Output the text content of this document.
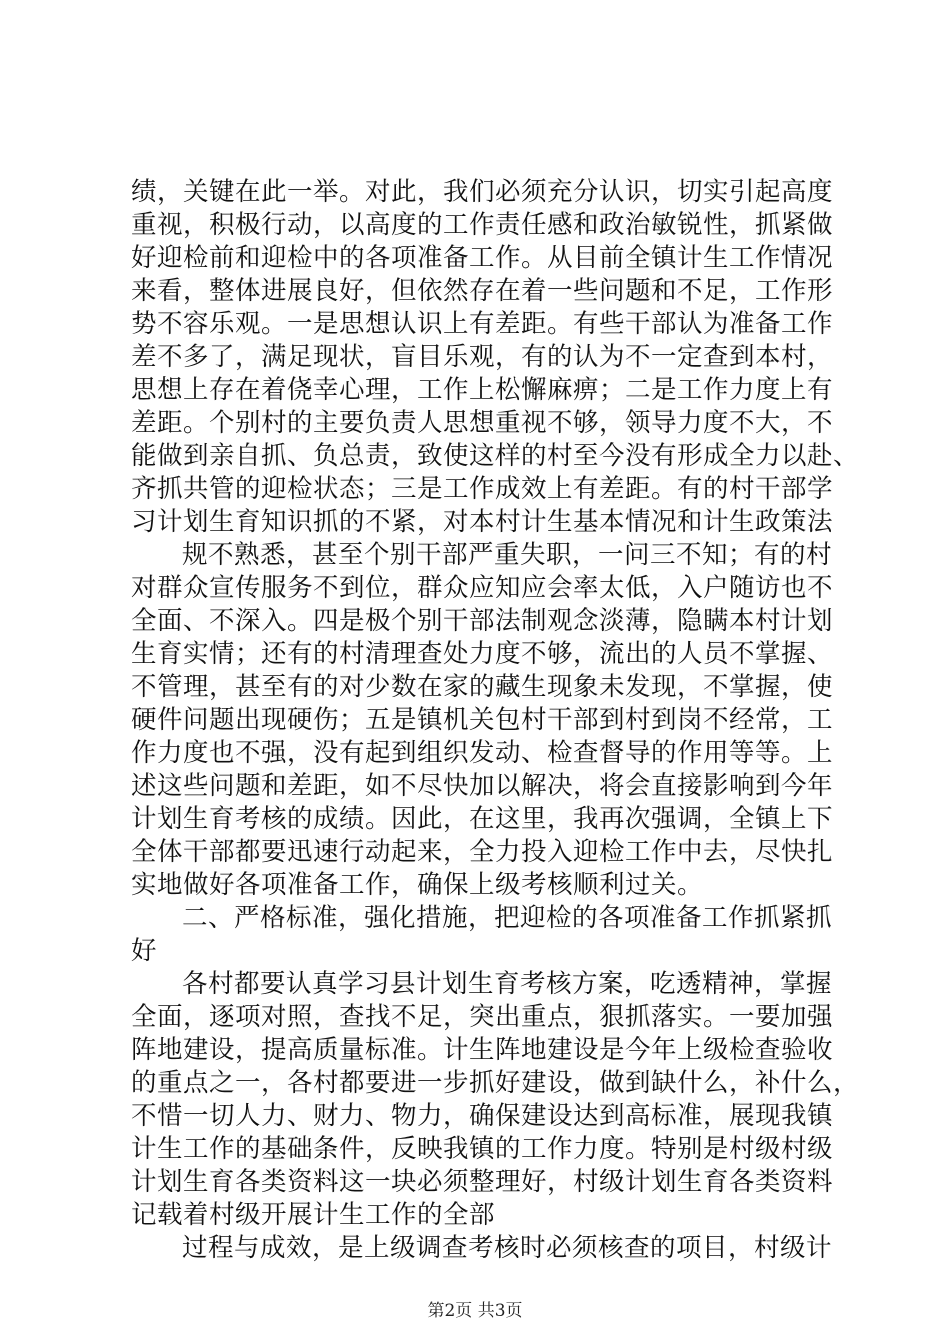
绩，关键在此一举。对此，我们必须充分认识，切实引起高度
重视，积极行动，以高度的工作责任感和政治敏锐性，抓紧做
好迎检前和迎检中的各项准备工作。从目前全镇计生工作情况
来看，整体进展良好，但依然存在着一些问题和不足，工作形
势不容乐观。一是思想认识上有差距。有些干部认为准备工作
差不多了，满足现状，盲目乐观，有的认为不一定查到本村，
思想上存在着侥幸心理，工作上松懈麻痹；二是工作力度上有
差距。个别村的主要负责人思想重视不够，领导力度不大，不
能做到亲自抓、负总责，致使这样的村至今没有形成全力以赴、
齐抓共管的迎检状态；三是工作成效上有差距。有的村干部学
习计划生育知识抓的不紧，对本村计生基本情况和计生政策法
规不熟悉，甚至个别干部严重失职，一问三不知；有的村
对群众宣传服务不到位，群众应知应会率太低，入户随访也不
全面、不深入。四是极个别干部法制观念淡薄，隐瞒本村计划
生育实情；还有的村清理查处力度不够，流出的人员不掌握、
不管理，甚至有的对少数在家的藏生现象未发现，不掌握，使
硬件问题出现硬伤；五是镇机关包村干部到村到岗不经常，工
作力度也不强，没有起到组织发动、检查督导的作用等等。上
述这些问题和差距，如不尽快加以解决，将会直接影响到今年
计划生育考核的成绩。因此，在这里，我再次强调，全镇上下
全体干部都要迅速行动起来，全力投入迎检工作中去，尽快扎
实地做好各项准备工作，确保上级考核顺利过关。
二、严格标准，强化措施，把迎检的各项准备工作抓紧抓
好
各村都要认真学习县计划生育考核方案，吃透精神，掌握
全面，逐项对照，查找不足，突出重点，狠抓落实。一要加强
阵地建设，提高质量标准。计生阵地建设是今年上级检查验收
的重点之一，各村都要进一步抓好建设，做到缺什么，补什么，
不惜一切人力、财力、物力，确保建设达到高标准，展现我镇
计生工作的基础条件，反映我镇的工作力度。特别是村级村级
计划生育各类资料这一块必须整理好，村级计划生育各类资料
记载着村级开展计生工作的全部
过程与成效，是上级调查考核时必须核查的项目，村级计
第2页 共3页
